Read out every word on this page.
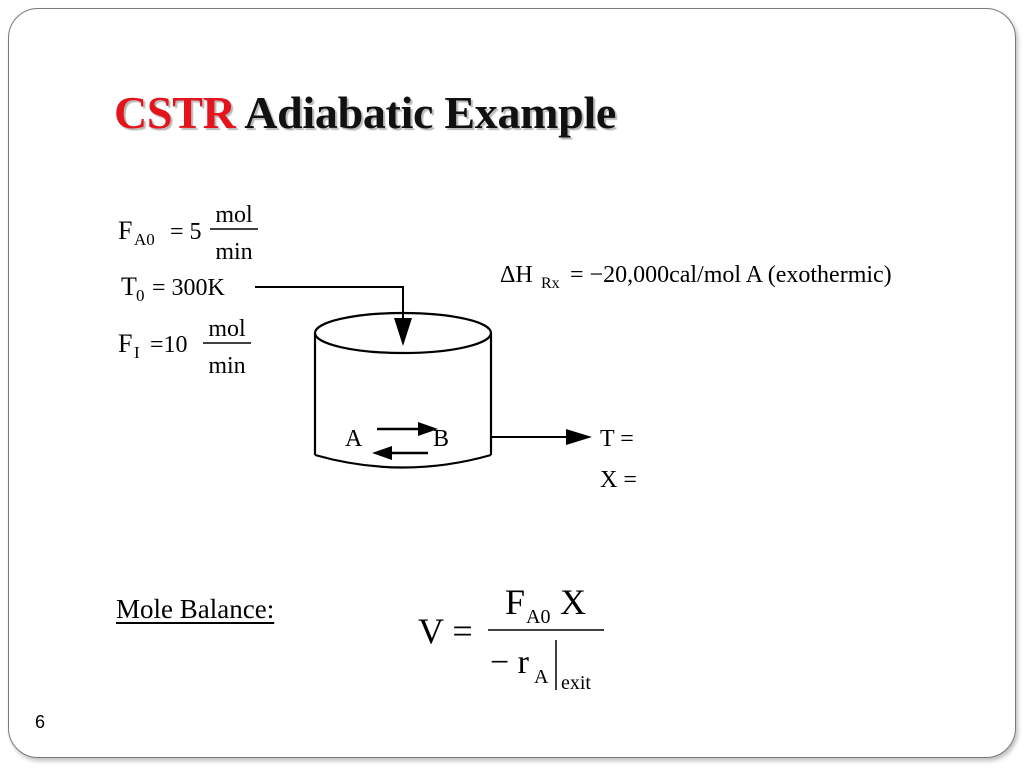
CSTR Adiabatic Example
F A0 = 5
mol
min
T 0 = 300K
F I =10
mol
min
ΔH Rx = −20,000cal/mol A (exothermic)
A	B	T =
X =
V =
F A0 X
− r A exit
Mole Balance:
6
